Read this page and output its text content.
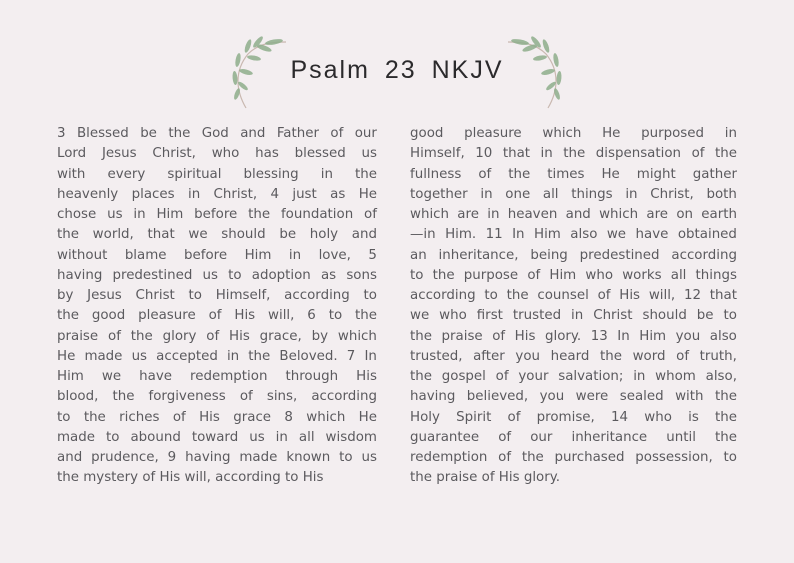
Psalm 23 NKJV
3 Blessed be the God and Father of our
Lord Jesus Christ, who has blessed us
with every spiritual blessing in the
heavenly places in Christ, 4 just as He
chose us in Him before the foundation of
the world, that we should be holy and
without blame before Him in love, 5
having predestined us to adoption as sons
by Jesus Christ to Himself, according to
the good pleasure of His will, 6 to the
praise of the glory of His grace, by which
He made us accepted in the Beloved. 7 In
Him we have redemption through His
blood, the forgiveness of sins, according
to the riches of His grace 8 which He
made to abound toward us in all wisdom
and prudence, 9 having made known to us
the mystery of His will, according to His
good pleasure which He purposed in
Himself, 10 that in the dispensation of the
fullness of the times He might gather
together in one all things in Christ, both
which are in heaven and which are on earth
—in Him. 11 In Him also we have obtained
an inheritance, being predestined according
to the purpose of Him who works all things
according to the counsel of His will, 12 that
we who first trusted in Christ should be to
the praise of His glory. 13 In Him you also
trusted, after you heard the word of truth,
the gospel of your salvation; in whom also,
having believed, you were sealed with the
Holy Spirit of promise, 14 who is the
guarantee of our inheritance until the
redemption of the purchased possession, to
the praise of His glory.
